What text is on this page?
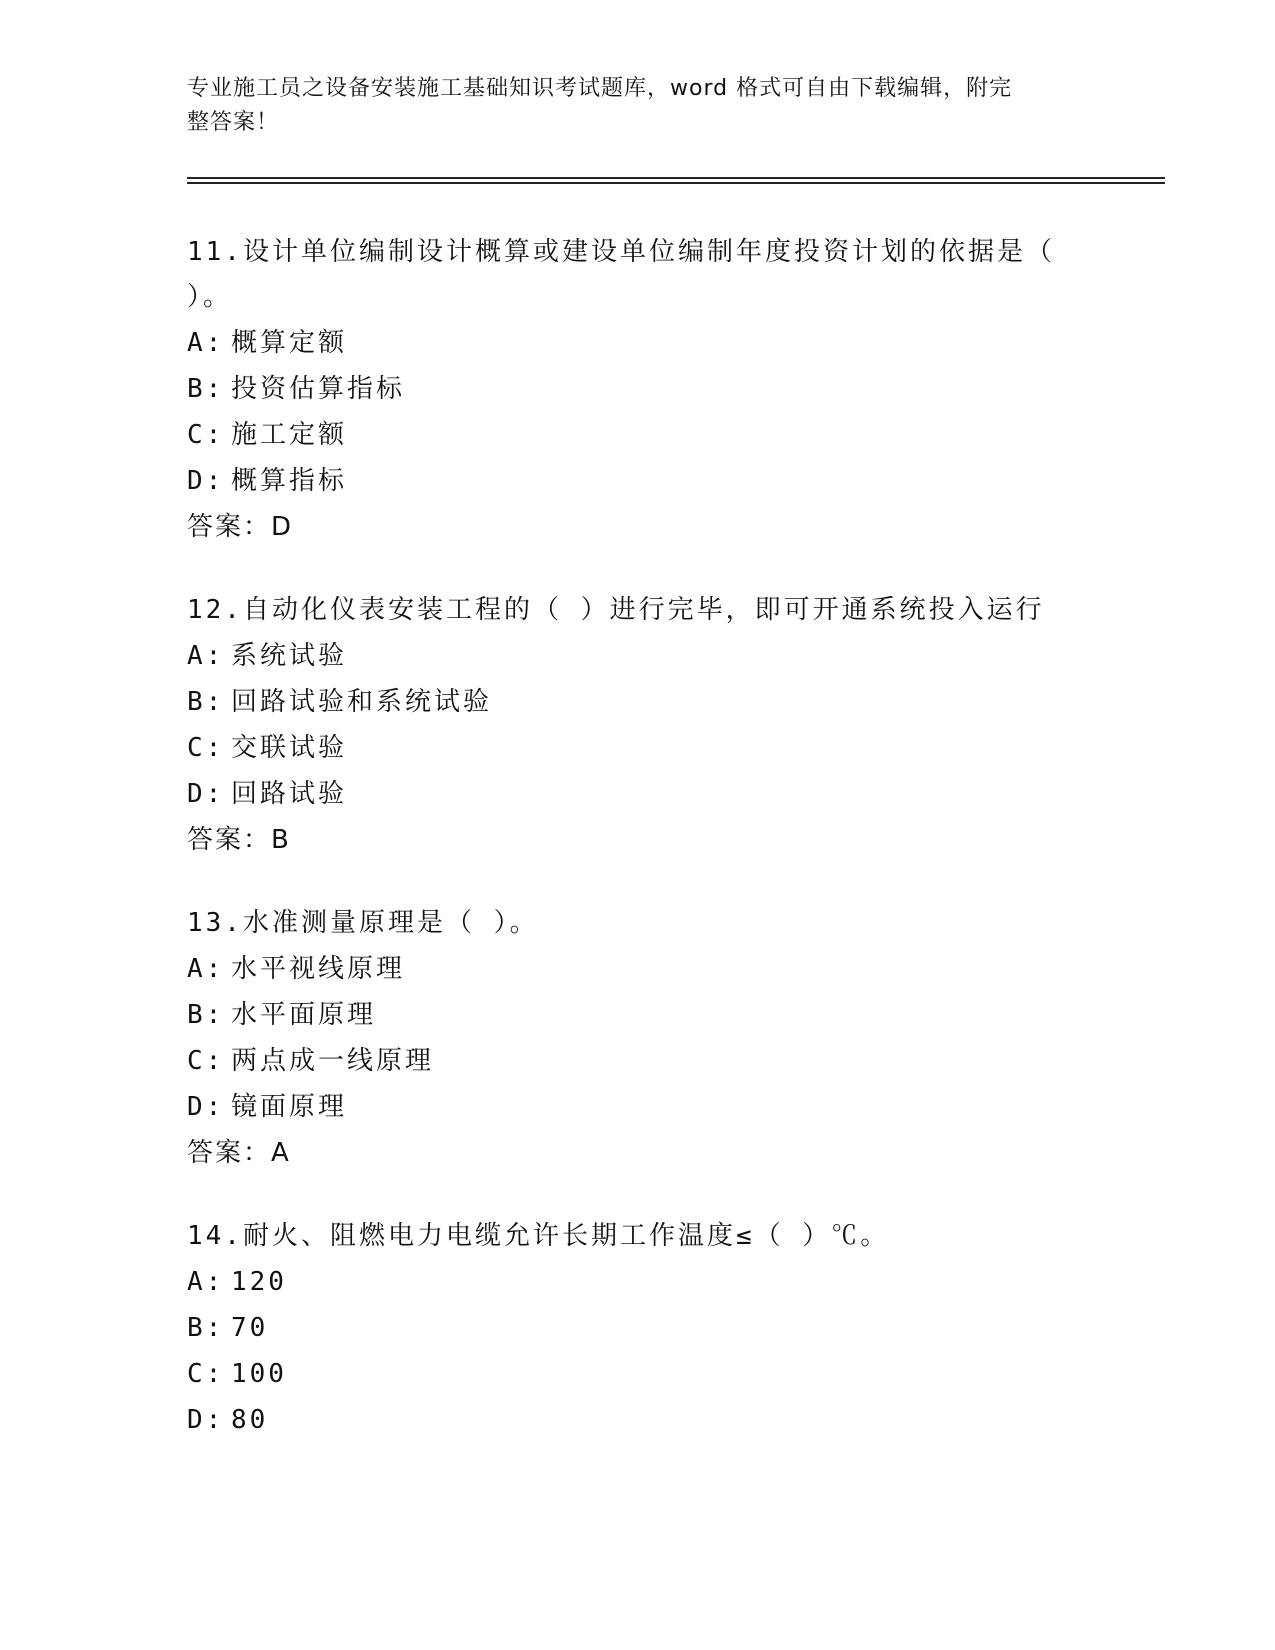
专业施工员之设备安装施工基础知识考试题库，word 格式可自由下载编辑，附完
整答案！

11.设计单位编制设计概算或建设单位编制年度投资计划的依据是（
）。

A: 概算定额
B: 投资估算指标
C: 施工定额
D: 概算指标

答案：D

12.自动化仪表安装工程的（ ）进行完毕，即可开通系统投入运行

A: 系统试验
B: 回路试验和系统试验
C: 交联试验
D: 回路试验

答案：B

13.水准测量原理是（ ）。

A: 水平视线原理
B: 水平面原理
C: 两点成一线原理
D: 镜面原理

答案：A

14.耐火、阻燃电力电缆允许长期工作温度≤（ ）℃。

A: 120
B: 70
C: 100
D: 80
